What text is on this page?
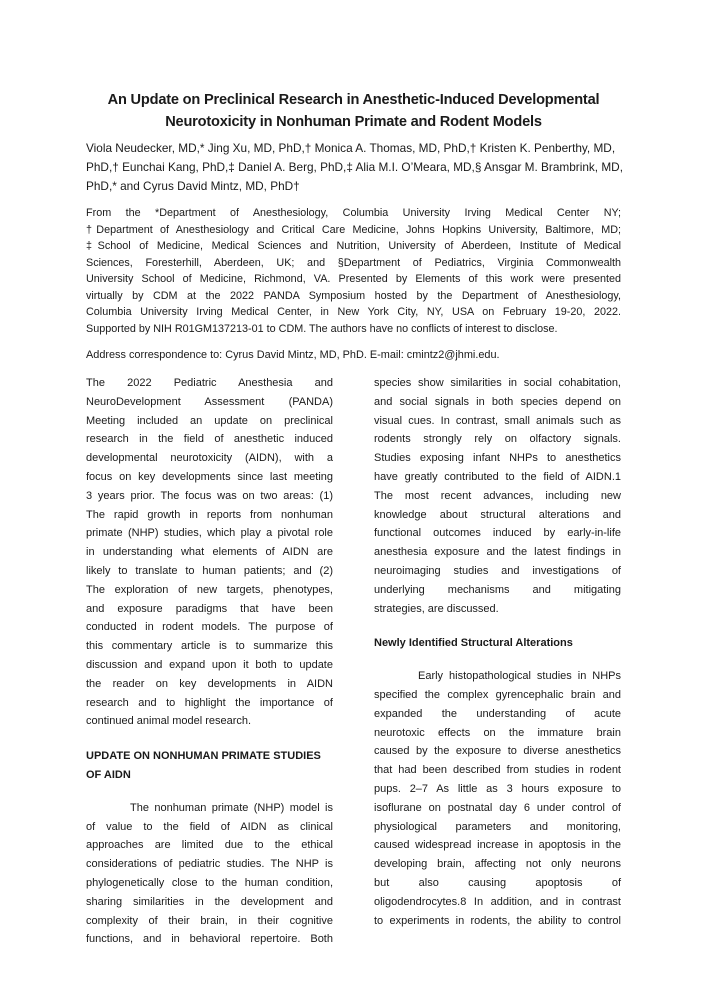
An Update on Preclinical Research in Anesthetic-Induced Developmental
Neurotoxicity in Nonhuman Primate and Rodent Models
Viola Neudecker, MD,* Jing Xu, MD, PhD,† Monica A. Thomas, MD, PhD,† Kristen K. Penberthy, MD,
PhD,† Eunchai Kang, PhD,‡ Daniel A. Berg, PhD,‡ Alia M.I. O’Meara, MD,§ Ansgar M. Brambrink, MD,
PhD,* and Cyrus David Mintz, MD, PhD†
From the *Department of Anesthesiology, Columbia University Irving Medical Center NY;
†Department of Anesthesiology and Critical Care Medicine, Johns Hopkins University, Baltimore, MD;
‡School of Medicine, Medical Sciences and Nutrition, University of Aberdeen, Institute of Medical
Sciences, Foresterhill, Aberdeen, UK; and §Department of Pediatrics, Virginia Commonwealth
University School of Medicine, Richmond, VA. Presented by Elements of this work were presented
virtually by CDM at the 2022 PANDA Symposium hosted by the Department of Anesthesiology,
Columbia University Irving Medical Center, in New York City, NY, USA on February 19-20, 2022.
Supported by NIH R01GM137213-01 to CDM. The authors have no conflicts of interest to disclose.
Address correspondence to: Cyrus David Mintz, MD, PhD. E-mail: cmintz2@jhmi.edu.
The 2022 Pediatric Anesthesia and
NeuroDevelopment Assessment (PANDA)
Meeting included an update on preclinical
research in the field of anesthetic induced
developmental neurotoxicity (AIDN), with a
focus on key developments since last meeting
3 years prior. The focus was on two areas: (1)
The rapid growth in reports from nonhuman
primate (NHP) studies, which play a pivotal role
in understanding what elements of AIDN are
likely to translate to human patients; and (2)
The exploration of new targets, phenotypes,
and exposure paradigms that have been
conducted in rodent models. The purpose of
this commentary article is to summarize this
discussion and expand upon it both to update
the reader on key developments in AIDN
research and to highlight the importance of
continued animal model research.
UPDATE ON NONHUMAN PRIMATE STUDIES
OF AIDN
The nonhuman primate (NHP) model is
of value to the field of AIDN as clinical
approaches are limited due to the ethical
considerations of pediatric studies. The NHP is
phylogenetically close to the human condition,
sharing similarities in the development and
complexity of their brain, in their cognitive
functions, and in behavioral repertoire. Both
species show similarities in social cohabitation,
and social signals in both species depend on
visual cues. In contrast, small animals such as
rodents strongly rely on olfactory signals.
Studies exposing infant NHPs to anesthetics
have greatly contributed to the field of AIDN.1
The most recent advances, including new
knowledge about structural alterations and
functional outcomes induced by early-in-life
anesthesia exposure and the latest findings in
neuroimaging studies and investigations of
underlying mechanisms and mitigating
strategies, are discussed.
Newly Identified Structural Alterations
Early histopathological studies in NHPs
specified the complex gyrencephalic brain and
expanded the understanding of acute
neurotoxic effects on the immature brain
caused by the exposure to diverse anesthetics
that had been described from studies in rodent
pups. 2–7 As little as 3 hours exposure to
isoflurane on postnatal day 6 under control of
physiological parameters and monitoring,
caused widespread increase in apoptosis in the
developing brain, affecting not only neurons
but also causing apoptosis of
oligodendrocytes.8 In addition, and in contrast
to experiments in rodents, the ability to control
